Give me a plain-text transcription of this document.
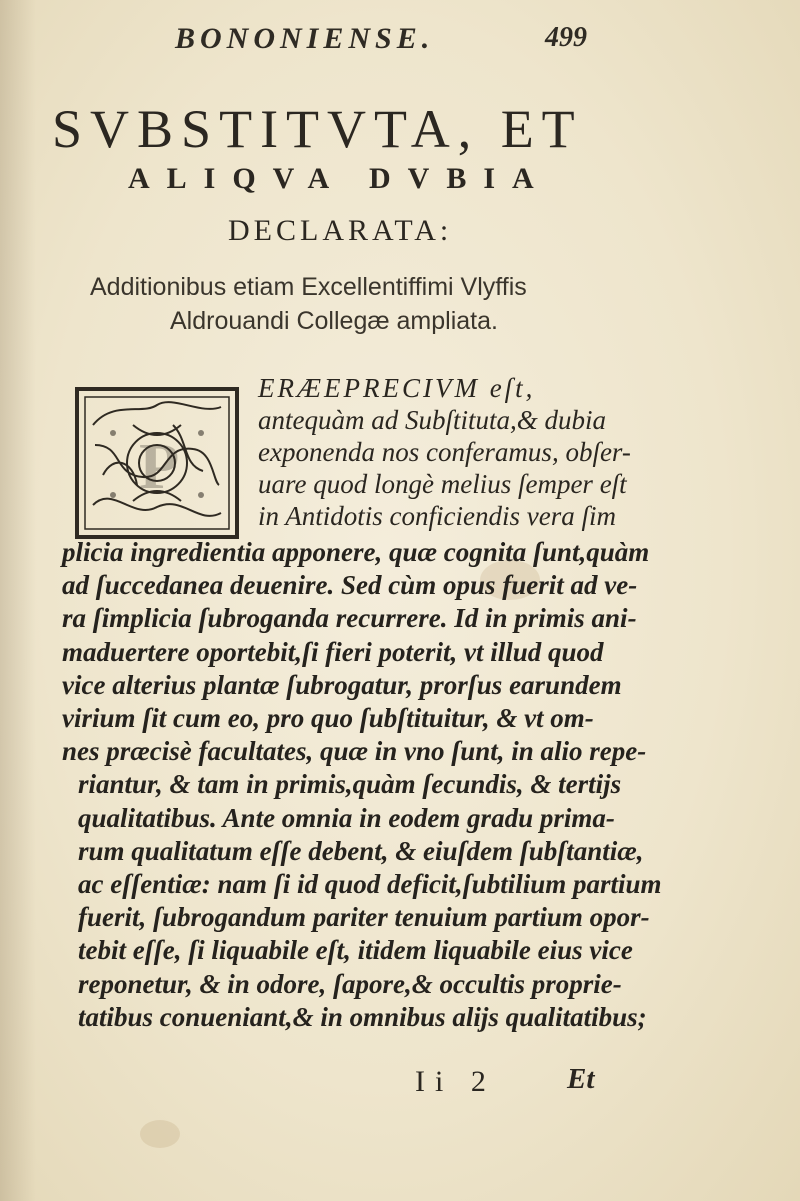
BONONIENSE.	499
SVBSTITVTA, ET
ALIQVA DVBIA
DECLARATA:
Additionibus etiam Excellentiffimi Vlyffis
Aldrouandi Collegæ ampliata.
P
ERÆEPRECIVM eſt,
antequàm ad Subſtituta,& dubia
exponenda nos conferamus, obſer-
uare quod longè melius ſemper eſt
in Antidotis conficiendis vera ſim
plicia ingredientia apponere, quæ cognita ſunt,quàm
ad ſuccedanea deuenire. Sed cùm opus fuerit ad ve-
ra ſimplicia ſubroganda recurrere. Id in primis ani-
maduertere oportebit,ſi fieri poterit, vt illud quod
vice alterius plantæ ſubrogatur, prorſus earundem
virium ſit cum eo, pro quo ſubſtituitur, & vt om-
nes præcisè facultates, quæ in vno ſunt, in alio repe-
riantur, & tam in primis,quàm ſecundis, & tertijs
qualitatibus. Ante omnia in eodem gradu prima-
rum qualitatum eſſe debent, & eiuſdem ſubſtantiæ,
ac eſſentiæ: nam ſi id quod deficit,ſubtilium partium
fuerit, ſubrogandum pariter tenuium partium opor-
tebit eſſe, ſi liquabile eſt, itidem liquabile eius vice
reponetur, & in odore, ſapore,& occultis proprie-
tatibus conueniant,& in omnibus alijs qualitatibus;
Ii 2 Et
